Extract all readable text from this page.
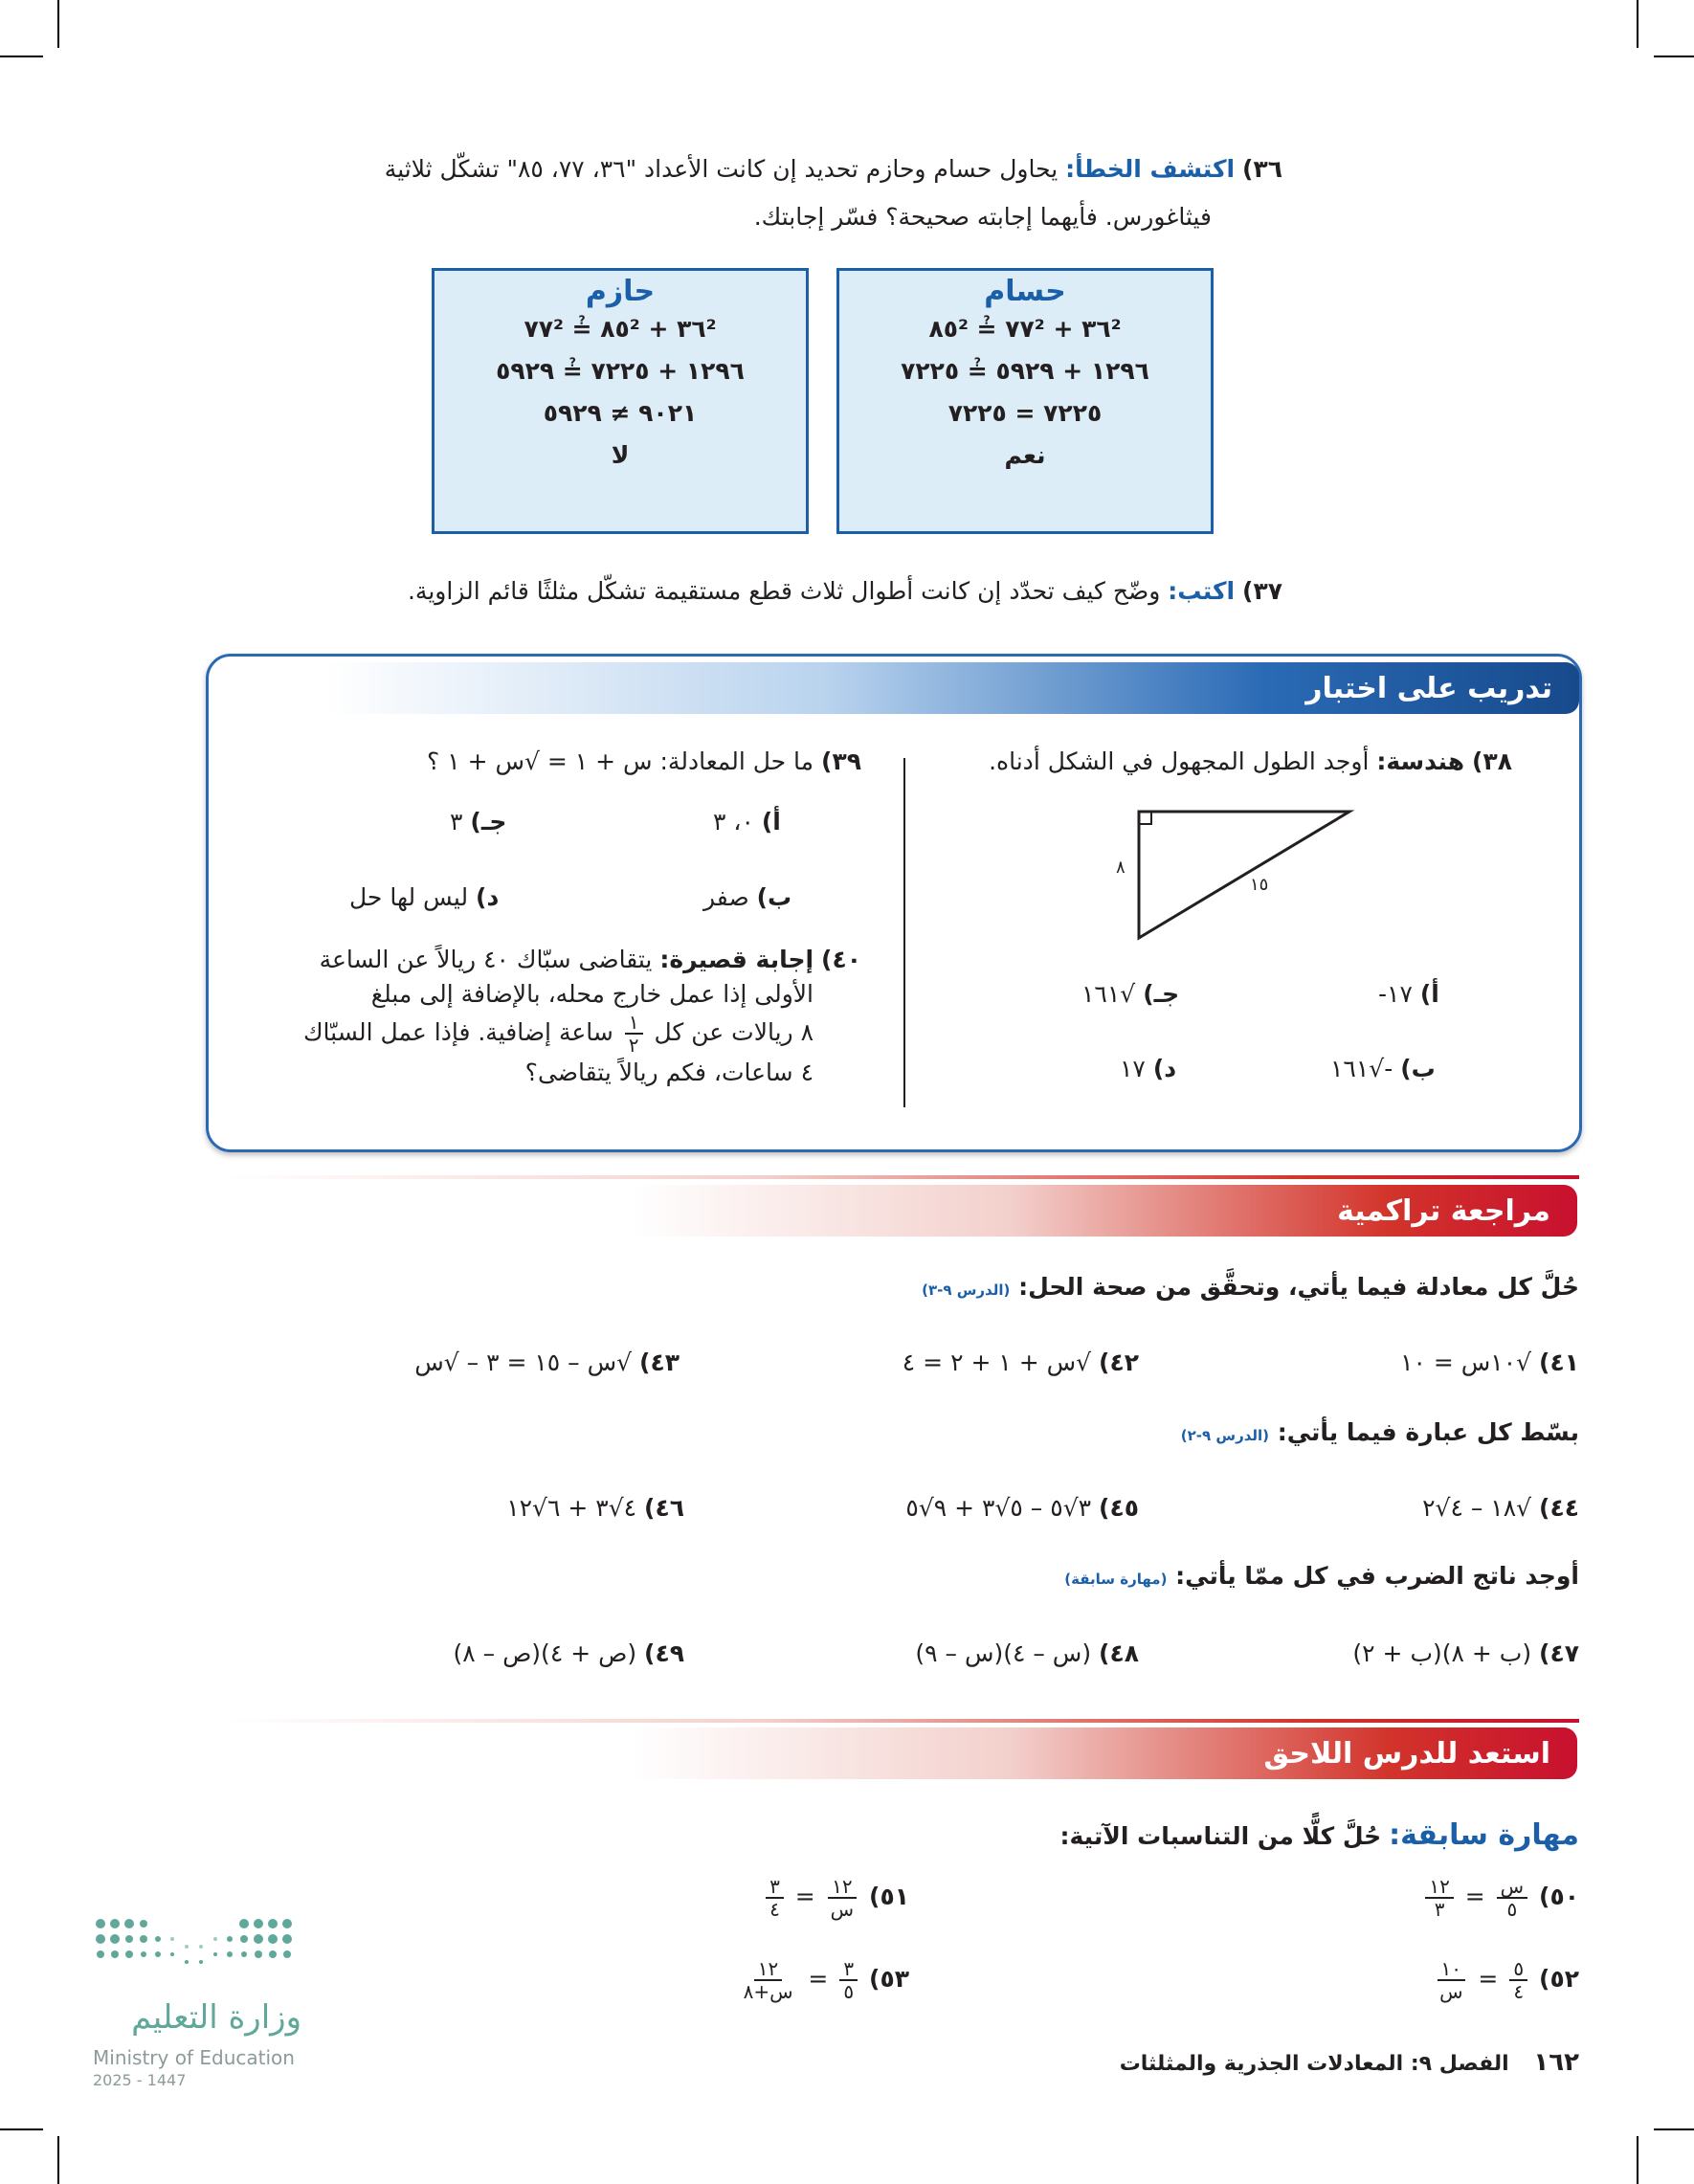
٣٦) اكتشف الخطأ: يحاول حسام وحازم تحديد إن كانت الأعداد "٣٦، ٧٧، ٨٥" تشكّل ثلاثية
فيثاغورس. فأيهما إجابته صحيحة؟ فسّر إجابتك.
حسام
٣٦² + ٧٧² ≟ ٨٥²
١٢٩٦ + ٥٩٢٩ ≟ ٧٢٢٥
٧٢٢٥ = ٧٢٢٥
نعم
حازم
٣٦² + ٨٥² ≟ ٧٧²
١٢٩٦ + ٧٢٢٥ ≟ ٥٩٢٩
٩٠٢١ ≠ ٥٩٢٩
لا
٣٧) اكتب: وضّح كيف تحدّد إن كانت أطوال ثلاث قطع مستقيمة تشكّل مثلثًا قائم الزاوية.
تدريب على اختبار
٣٨) هندسة: أوجد الطول المجهول في الشكل أدناه.
٨
١٥
أ) ١٧-
جـ) √١٦١
ب) -√١٦١
د) ١٧
٣٩) ما حل المعادلة: س + ١ = √س + ١ ؟
أ) ٠، ٣
جـ) ٣
ب) صفر
د) ليس لها حل
٤٠) إجابة قصيرة: يتقاضى سبّاك ٤٠ ريالاً عن الساعة
الأولى إذا عمل خارج محله، بالإضافة إلى مبلغ
٨ ريالات عن كل
$\frac{١}{٢}$
ساعة إضافية. فإذا عمل السبّاك
٤ ساعات، فكم ريالاً يتقاضى؟
مراجعة تراكمية
حُلَّ كل معادلة فيما يأتي، وتحقَّق من صحة الحل: (الدرس ٩-٣)
٤١) √١٠س = ١٠
٤٢) √س + ١ + ٢ = ٤
٤٣) √س – ١٥ = ٣ – √س
بسّط كل عبارة فيما يأتي: (الدرس ٩-٢)
٤٤) √١٨ – ٤√٢
٤٥) ٣√٥ – ٥√٣ + ٩√٥
٤٦) ٤√٣ + ٦√١٢
أوجد ناتج الضرب في كل ممّا يأتي: (مهارة سابقة)
٤٧) (ب + ٨)(ب + ٢)
٤٨) (س – ٤)(س – ٩)
٤٩) (ص + ٤)(ص – ٨)
استعد للدرس اللاحق
مهارة سابقة: حُلَّ كلًّا من التناسبات الآتية:
٥٠)
$\frac{\text{س}}{٥}$
=
$\frac{١٢}{٣}$
٥١)
$\frac{١٢}{\text{س}}$
=
$\frac{٣}{٤}$
٥٢)
$\frac{٥}{٤}$
=
$\frac{١٠}{\text{س}}$
٥٣)
$\frac{٣}{٥}$
=
$\frac{١٢}{\text{س+٨}}$
وزارة التعليم
Ministry of Education
2025 - 1447
١٦٢ الفصل ٩: المعادلات الجذرية والمثلثات
